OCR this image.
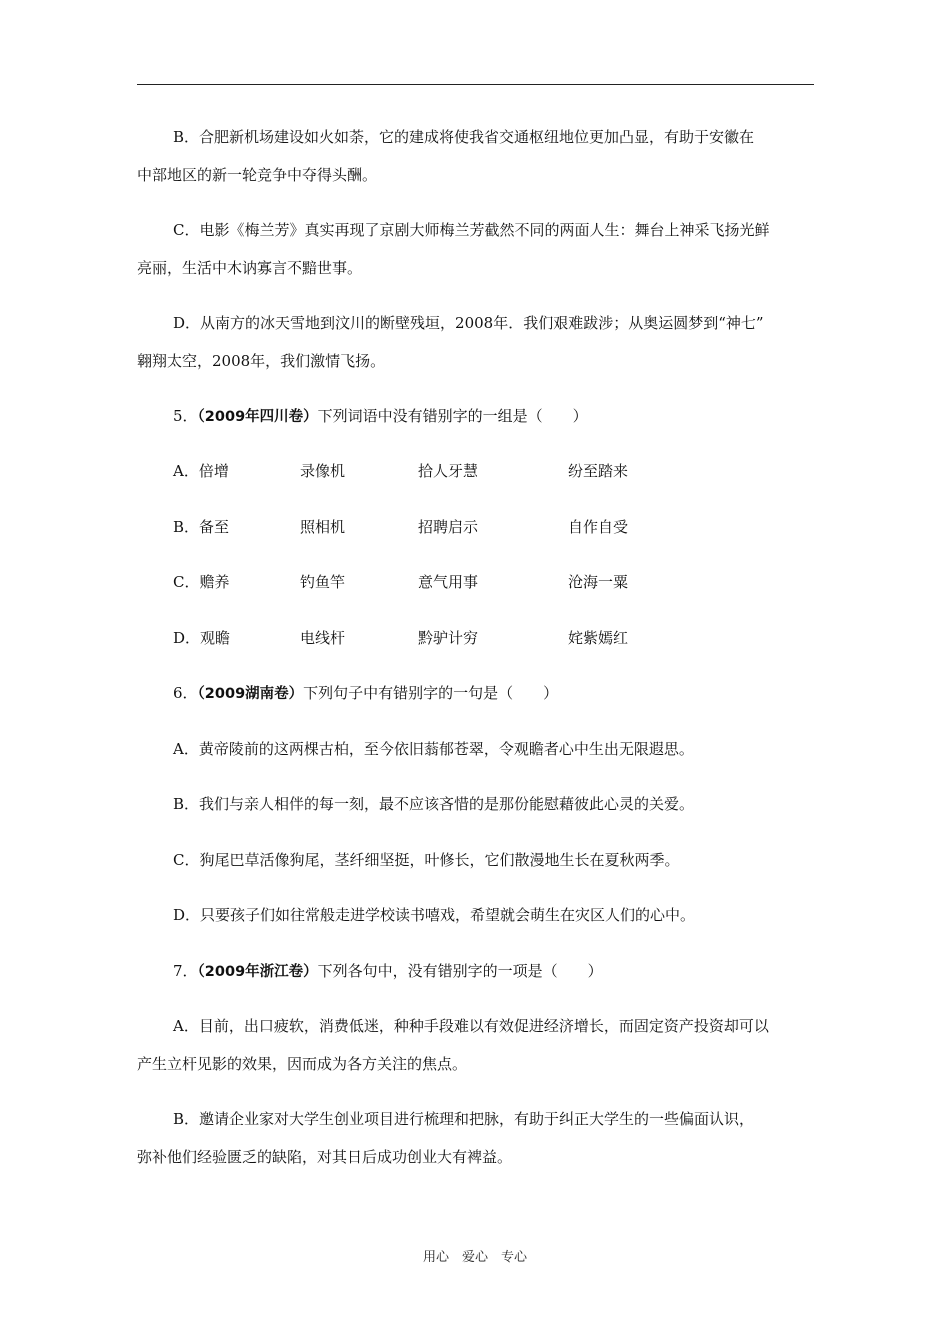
B．合肥新机场建设如火如荼，它的建成将使我省交通枢纽地位更加凸显，有助于安徽在
中部地区的新一轮竞争中夺得头酬。
C．电影《梅兰芳》真实再现了京剧大师梅兰芳截然不同的两面人生：舞台上神采飞扬光鲜
亮丽，生活中木讷寡言不黯世事。
D．从南方的冰天雪地到汶川的断壁残垣，2008年．我们艰难跋涉；从奥运圆梦到“神七”
翱翔太空，2008年，我们激情飞扬。
5．（2009年四川卷）下列词语中没有错别字的一组是（　　）
A．倍增	录像机	拾人牙慧	纷至踏来
B．备至	照相机	招聘启示	自作自受
C．赡养	钓鱼竿	意气用事	沧海一粟
D．观瞻	电线杆	黔驴计穷	姹紫嫣红
6．（2009湖南卷）下列句子中有错别字的一句是（　　）
A．黄帝陵前的这两棵古柏，至今依旧蓊郁苍翠，令观瞻者心中生出无限遐思。
B．我们与亲人相伴的每一刻，最不应该吝惜的是那份能慰藉彼此心灵的关爱。
C．狗尾巴草活像狗尾，茎纤细坚挺，叶修长，它们散漫地生长在夏秋两季。
D．只要孩子们如往常般走进学校读书嘻戏，希望就会萌生在灾区人们的心中。
7．（2009年浙江卷）下列各句中，没有错别字的一项是（　　）
A．目前，出口疲软，消费低迷，种种手段难以有效促进经济增长，而固定资产投资却可以
产生立杆见影的效果，因而成为各方关注的焦点。
B．邀请企业家对大学生创业项目进行梳理和把脉，有助于纠正大学生的一些偏面认识，
弥补他们经验匮乏的缺陷，对其日后成功创业大有裨益。
用心　爱心　专心
